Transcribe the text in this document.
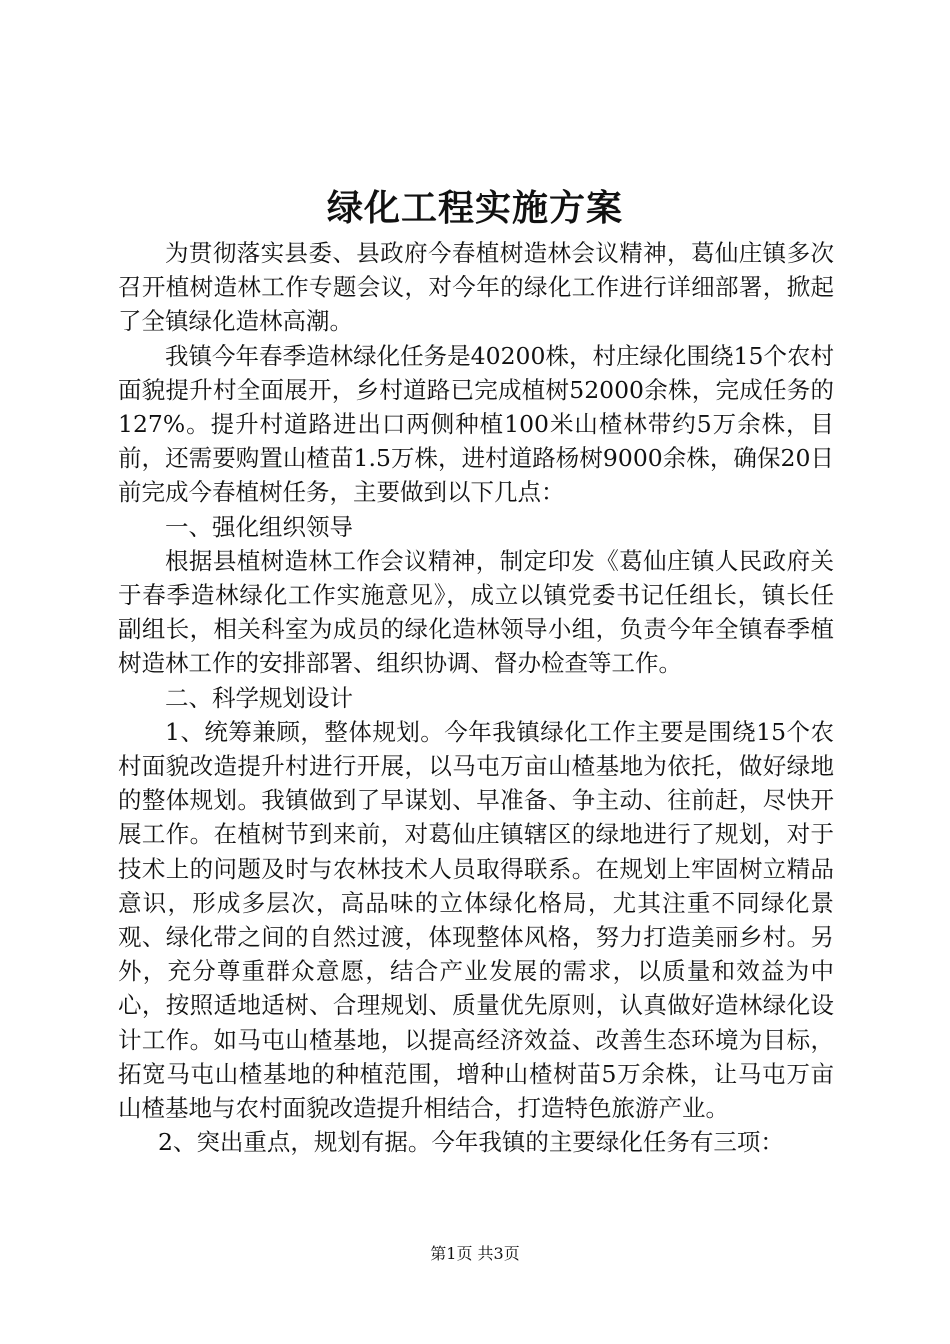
绿化工程实施方案

为贯彻落实县委、县政府今春植树造林会议精神，葛仙庄镇多次召开植树造林工作专题会议，对今年的绿化工作进行详细部署，掀起了全镇绿化造林高潮。

我镇今年春季造林绿化任务是40200株，村庄绿化围绕15个农村面貌提升村全面展开，乡村道路已完成植树52000余株，完成任务的127%。提升村道路进出口两侧种植100米山楂林带约5万余株，目前，还需要购置山楂苗1.5万株，进村道路杨树9000余株，确保20日前完成今春植树任务，主要做到以下几点：

一、强化组织领导

根据县植树造林工作会议精神，制定印发《葛仙庄镇人民政府关于春季造林绿化工作实施意见》，成立以镇党委书记任组长，镇长任副组长，相关科室为成员的绿化造林领导小组，负责今年全镇春季植树造林工作的安排部署、组织协调、督办检查等工作。

二、科学规划设计

1、统筹兼顾，整体规划。今年我镇绿化工作主要是围绕15个农村面貌改造提升村进行开展，以马屯万亩山楂基地为依托，做好绿地的整体规划。我镇做到了早谋划、早准备、争主动、往前赶，尽快开展工作。在植树节到来前，对葛仙庄镇辖区的绿地进行了规划，对于技术上的问题及时与农林技术人员取得联系。在规划上牢固树立精品意识，形成多层次，高品味的立体绿化格局，尤其注重不同绿化景观、绿化带之间的自然过渡，体现整体风格，努力打造美丽乡村。另外，充分尊重群众意愿，结合产业发展的需求，以质量和效益为中心，按照适地适树、合理规划、质量优先原则，认真做好造林绿化设计工作。如马屯山楂基地，以提高经济效益、改善生态环境为目标，拓宽马屯山楂基地的种植范围，增种山楂树苗5万余株，让马屯万亩山楂基地与农村面貌改造提升相结合，打造特色旅游产业。

2、突出重点，规划有据。今年我镇的主要绿化任务有三项：

第1页 共3页
